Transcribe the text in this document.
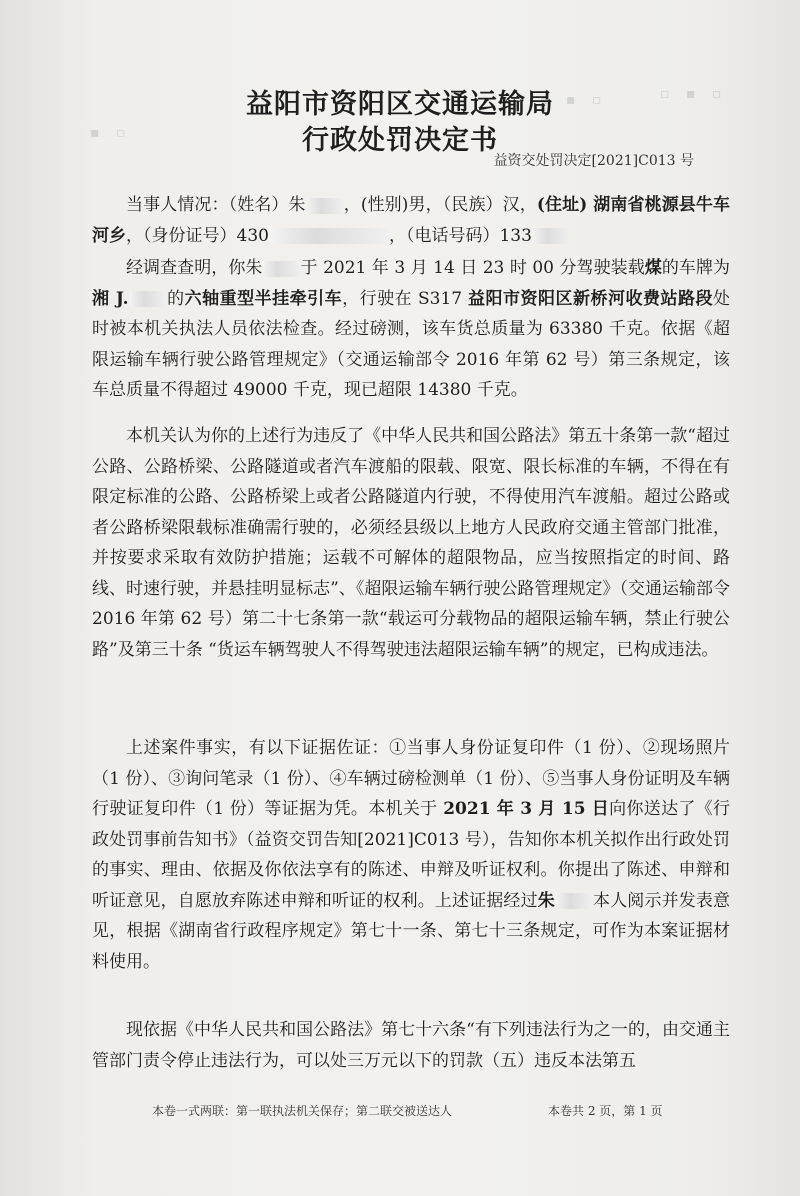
▪ ▪ ▫	▫ ▪ ▫
▪ ▫
益阳市资阳区交通运输局
行政处罚决定书
益资交处罚决定[2021]C013 号

当事人情况：（姓名）朱 ，(性别)男，（民族）汉，(住址) 湖南省桃源县牛车河乡，（身份证号）430	，（电话号码）133

经调查查明，你朱 于 2021 年 3 月 14 日 23 时 00 分驾驶装载煤的车牌为湘 J. 的六轴重型半挂牵引车，行驶在 S317 益阳市资阳区新桥河收费站路段处时被本机关执法人员依法检查。经过磅测，该车货总质量为 63380 千克。依据《超限运输车辆行驶公路管理规定》（交通运输部令 2016 年第 62 号）第三条规定，该车总质量不得超过 49000 千克，现已超限 14380 千克。

本机关认为你的上述行为违反了《中华人民共和国公路法》第五十条第一款“超过公路、公路桥梁、公路隧道或者汽车渡船的限载、限宽、限长标准的车辆，不得在有限定标准的公路、公路桥梁上或者公路隧道内行驶，不得使用汽车渡船。超过公路或者公路桥梁限载标准确需行驶的，必须经县级以上地方人民政府交通主管部门批准，并按要求采取有效防护措施；运载不可解体的超限物品，应当按照指定的时间、路线、时速行驶，并悬挂明显标志”、《超限运输车辆行驶公路管理规定》（交通运输部令 2016 年第 62 号）第二十七条第一款“载运可分载物品的超限运输车辆，禁止行驶公路”及第三十条 “货运车辆驾驶人不得驾驶违法超限运输车辆”的规定，已构成违法。

上述案件事实，有以下证据佐证：①当事人身份证复印件（1 份）、②现场照片（1 份）、③询问笔录（1 份）、④车辆过磅检测单（1 份）、⑤当事人身份证明及车辆行驶证复印件（1 份）等证据为凭。本机关于 2021 年 3 月 15 日向你送达了《行政处罚事前告知书》（益资交罚告知[2021]C013 号），告知你本机关拟作出行政处罚的事实、理由、依据及你依法享有的陈述、申辩及听证权利。你提出了陈述、申辩和听证意见，自愿放弃陈述申辩和听证的权利。上述证据经过朱 本人阅示并发表意见，根据《湖南省行政程序规定》第七十一条、第七十三条规定，可作为本案证据材料使用。

现依据《中华人民共和国公路法》第七十六条“有下列违法行为之一的，由交通主管部门责令停止违法行为，可以处三万元以下的罚款（五）违反本法第五

本卷一式两联：第一联执法机关保存；第二联交被送达人	本卷共 2 页，第 1 页
